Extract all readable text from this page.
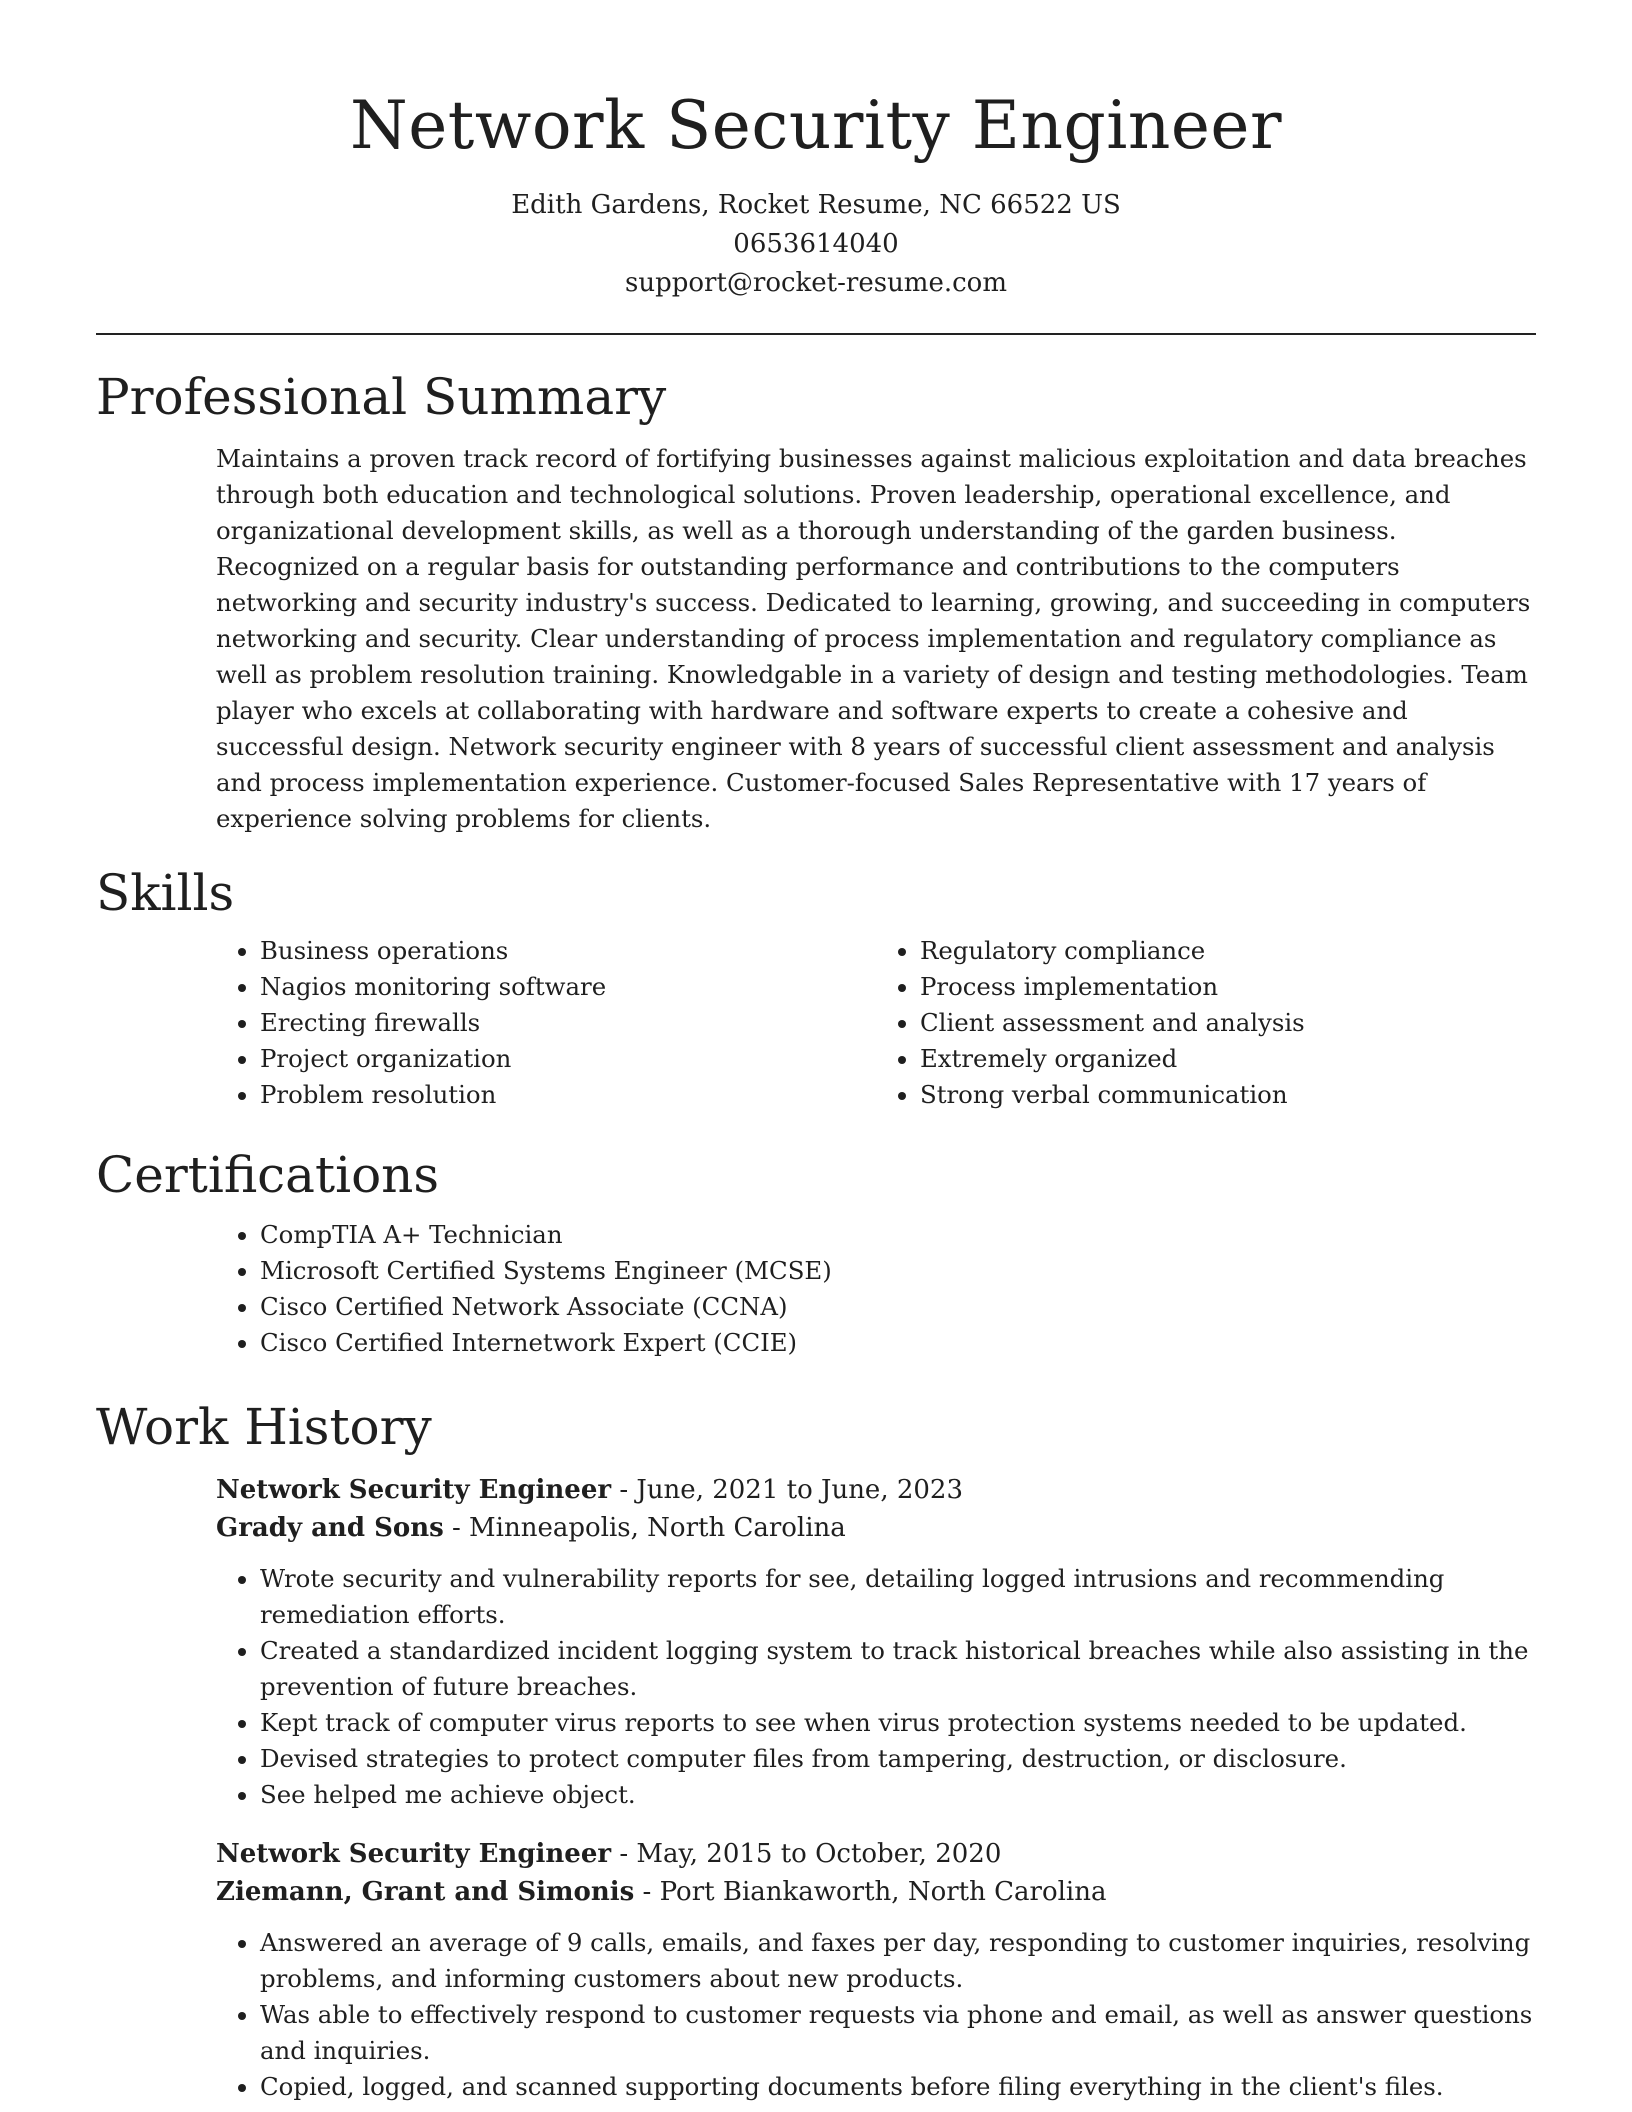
Network Security Engineer
Edith Gardens, Rocket Resume, NC 66522 US
0653614040
support@rocket-resume.com
Professional Summary

Maintains a proven track record of fortifying businesses against malicious exploitation and data breaches through both education and technological solutions. Proven leadership, operational excellence, and organizational development skills, as well as a thorough understanding of the garden business. Recognized on a regular basis for outstanding performance and contributions to the computers networking and security industry's success. Dedicated to learning, growing, and succeeding in computers networking and security. Clear understanding of process implementation and regulatory compliance as well as problem resolution training. Knowledgable in a variety of design and testing methodologies. Team player who excels at collaborating with hardware and software experts to create a cohesive and successful design. Network security engineer with 8 years of successful client assessment and analysis and process implementation experience. Customer-focused Sales Representative with 17 years of experience solving problems for clients.

Skills
• Business operations
• Nagios monitoring software
• Erecting firewalls
• Project organization
• Problem resolution
• Regulatory compliance
• Process implementation
• Client assessment and analysis
• Extremely organized
• Strong verbal communication
Certifications
• CompTIA A+ Technician
• Microsoft Certified Systems Engineer (MCSE)
• Cisco Certified Network Associate (CCNA)
• Cisco Certified Internetwork Expert (CCIE)
Work History
Network Security Engineer - June, 2021 to June, 2023
Grady and Sons - Minneapolis, North Carolina
• Wrote security and vulnerability reports for see, detailing logged intrusions and recommending remediation efforts.
• Created a standardized incident logging system to track historical breaches while also assisting in the prevention of future breaches.
• Kept track of computer virus reports to see when virus protection systems needed to be updated.
• Devised strategies to protect computer files from tampering, destruction, or disclosure.
• See helped me achieve object.
Network Security Engineer - May, 2015 to October, 2020
Ziemann, Grant and Simonis - Port Biankaworth, North Carolina
• Answered an average of 9 calls, emails, and faxes per day, responding to customer inquiries, resolving problems, and informing customers about new products.
• Was able to effectively respond to customer requests via phone and email, as well as answer questions and inquiries.
• Copied, logged, and scanned supporting documents before filing everything in the client's files.
